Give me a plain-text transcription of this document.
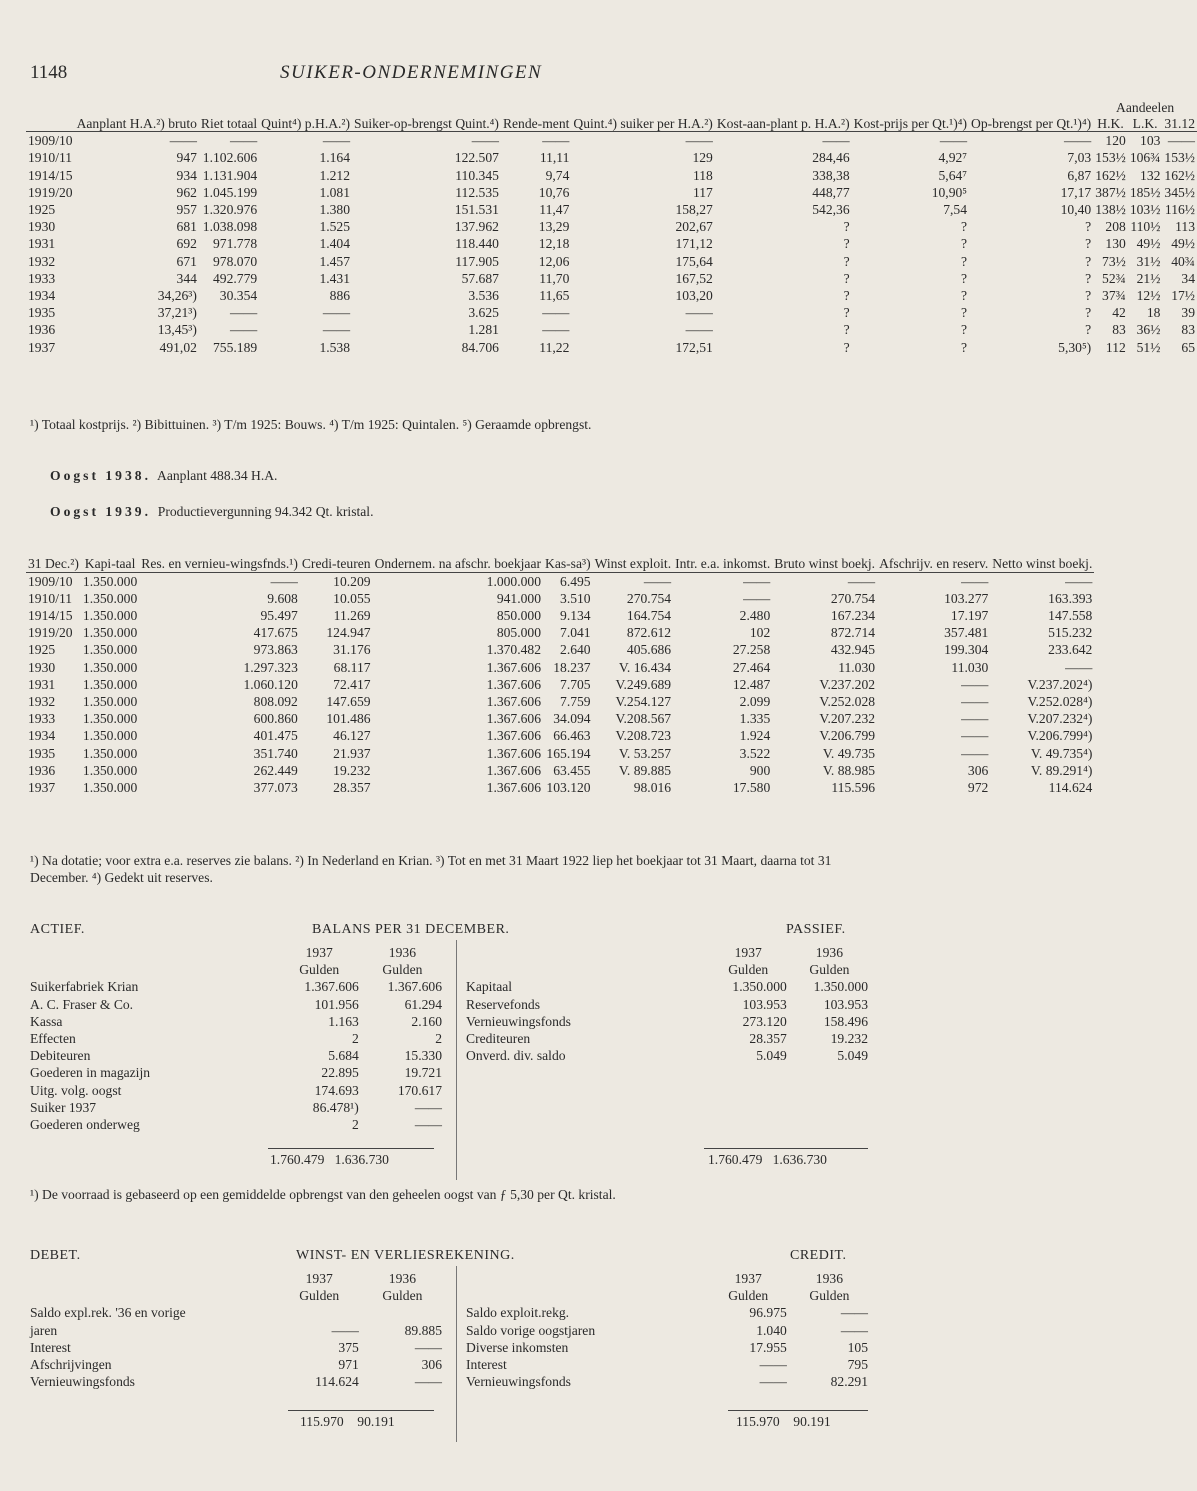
1148	SUIKER-ONDERNEMINGEN
										Aandeelen		
	Aanplant H.A.²) bruto	Riet totaal	Quint⁴) p.H.A.²)	Suiker-op-brengst Quint.⁴)	Rende-ment	Quint.⁴) suiker per H.A.²)	Kost-aan-plant p. H.A.²)	Kost-prijs per Qt.¹)⁴)	Op-brengst per Qt.¹)⁴)	H.K.	L.K.	31.12
1909/10	——	——	——	——	——	——	——	——	——	120	103	——
1910/11	947	1.102.606	1.164	122.507	11,11	129	284,46	4,92⁷	7,03	153½	106¾	153½
1914/15	934	1.131.904	1.212	110.345	9,74	118	338,38	5,64⁷	6,87	162½	132	162½
1919/20	962	1.045.199	1.081	112.535	10,76	117	448,77	10,90⁵	17,17	387½	185½	345½
1925	957	1.320.976	1.380	151.531	11,47	158,27	542,36	7,54	10,40	138½	103½	116½
1930	681	1.038.098	1.525	137.962	13,29	202,67	?	?	?	208	110½	113
1931	692	971.778	1.404	118.440	12,18	171,12	?	?	?	130	49½	49½
1932	671	978.070	1.457	117.905	12,06	175,64	?	?	?	73½	31½	40¾
1933	344	492.779	1.431	57.687	11,70	167,52	?	?	?	52¾	21½	34
1934	34,26³)	30.354	886	3.536	11,65	103,20	?	?	?	37¾	12½	17½
1935	37,21³)	——	——	3.625	——	——	?	?	?	42	18	39
1936	13,45³)	——	——	1.281	——	——	?	?	?	83	36½	83
1937	491,02	755.189	1.538	84.706	11,22	172,51	?	?	5,30⁵)	112	51½	65
¹) Totaal kostprijs. ²) Bibittuinen. ³) T/m 1925: Bouws. ⁴) T/m 1925: Quintalen. ⁵) Geraamde opbrengst.
Oogst 1938. Aanplant 488.34 H.A.
Oogst 1939. Productievergunning 94.342 Qt. kristal.
31 Dec.²)	Kapi-taal	Res. en vernieu-wingsfnds.¹)	Credi-teuren	Ondernem. na afschr. boekjaar	Kas-sa³)	Winst exploit.	Intr. e.a. inkomst.	Bruto winst boekj.	Afschrijv. en reserv.	Netto winst boekj.
1909/10	1.350.000	——	10.209	1.000.000	6.495	——	——	——	——	——
1910/11	1.350.000	9.608	10.055	941.000	3.510	270.754	——	270.754	103.277	163.393
1914/15	1.350.000	95.497	11.269	850.000	9.134	164.754	2.480	167.234	17.197	147.558
1919/20	1.350.000	417.675	124.947	805.000	7.041	872.612	102	872.714	357.481	515.232
1925	1.350.000	973.863	31.176	1.370.482	2.640	405.686	27.258	432.945	199.304	233.642
1930	1.350.000	1.297.323	68.117	1.367.606	18.237	V. 16.434	27.464	11.030	11.030	——
1931	1.350.000	1.060.120	72.417	1.367.606	7.705	V.249.689	12.487	V.237.202	——	V.237.202⁴)
1932	1.350.000	808.092	147.659	1.367.606	7.759	V.254.127	2.099	V.252.028	——	V.252.028⁴)
1933	1.350.000	600.860	101.486	1.367.606	34.094	V.208.567	1.335	V.207.232	——	V.207.232⁴)
1934	1.350.000	401.475	46.127	1.367.606	66.463	V.208.723	1.924	V.206.799	——	V.206.799⁴)
1935	1.350.000	351.740	21.937	1.367.606	165.194	V. 53.257	3.522	V. 49.735	——	V. 49.735⁴)
1936	1.350.000	262.449	19.232	1.367.606	63.455	V. 89.885	900	V. 88.985	306	V. 89.291⁴)
1937	1.350.000	377.073	28.357	1.367.606	103.120	98.016	17.580	115.596	972	114.624
¹) Na dotatie; voor extra e.a. reserves zie balans. ²) In Nederland en Krian. ³) Tot en met 31 Maart 1922 liep het boekjaar tot 31 Maart, daarna tot 31 December. ⁴) Gedekt uit reserves.
ACTIEF.	BALANS PER 31 DECEMBER.	PASSIEF.
	1937	1936
	Gulden	Gulden
Suikerfabriek Krian	1.367.606	1.367.606
A. C. Fraser & Co.	101.956	61.294
Kassa	1.163	2.160
Effecten	2	2
Debiteuren	5.684	15.330
Goederen in magazijn	22.895	19.721
Uitg. volg. oogst	174.693	170.617
Suiker 1937	86.478¹)	——
Goederen onderweg	2	——
	1937	1936
	Gulden	Gulden
Kapitaal	1.350.000	1.350.000
Reservefonds	103.953	103.953
Vernieuwingsfonds	273.120	158.496
Crediteuren	28.357	19.232
Onverd. div. saldo	5.049	5.049
1.760.479 1.636.730	1.760.479 1.636.730
¹) De voorraad is gebaseerd op een gemiddelde opbrengst van den geheelen oogst van ƒ 5,30 per Qt. kristal.
DEBET.	WINST- EN VERLIESREKENING.	CREDIT.
	1937	1936
	Gulden	Gulden
Saldo expl.rek. '36 en vorige		
jaren	——	89.885
Interest	375	——
Afschrijvingen	971	306
Vernieuwingsfonds	114.624	——
	1937	1936
	Gulden	Gulden
Saldo exploit.rekg.	96.975	——
Saldo vorige oogstjaren	1.040	——
Diverse inkomsten	17.955	105
Interest	——	795
Vernieuwingsfonds	——	82.291
115.970 90.191	115.970 90.191
